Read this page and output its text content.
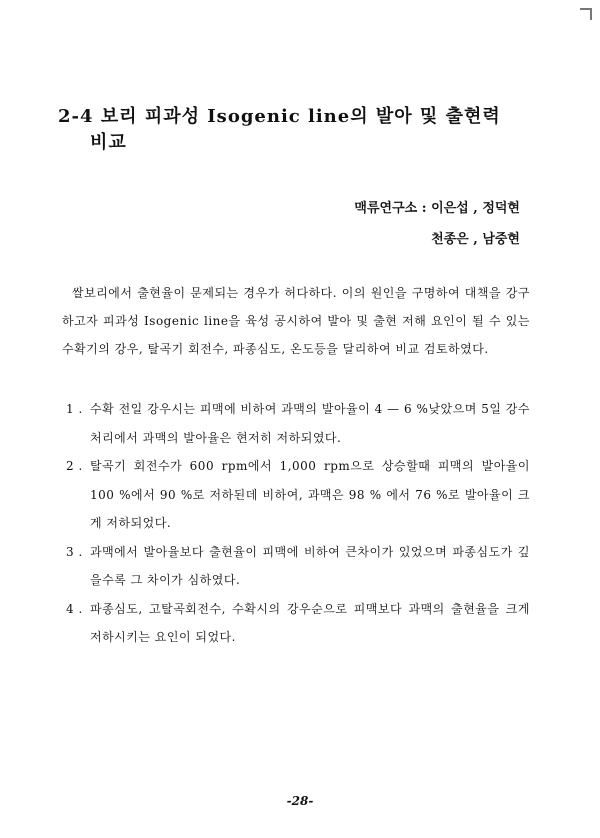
2-4 보리 피과성 Isogenic line의 발아 및 출현력
비교
맥류연구소 : 이은섭 , 정덕현
천종은 , 남중현
쌀보리에서 출현율이 문제되는 경우가 허다하다. 이의 원인을 구명하여 대책을 강구하고자 피과성 Isogenic line을 육성 공시하여 발아 및 출현 저해 요인이 될 수 있는 수확기의 강우, 탈곡기 회전수, 파종심도, 온도등을 달리하여 비교 검토하였다.
1 . 수확 전일 강우시는 피맥에 비하여 과맥의 발아율이 4 — 6 %낮았으며 5일 강수처리에서 과맥의 발아율은 현저히 저하되였다.
2 . 탈곡기 회전수가 600 rpm에서 1,000 rpm으로 상승할때 피맥의 발아율이 100 %에서 90 %로 저하된데 비하여, 과맥은 98 % 에서 76 %로 발아율이 크게 저하되었다.
3 . 과맥에서 발아율보다 출현율이 피맥에 비하여 큰차이가 있었으며 파종심도가 깊을수록 그 차이가 심하였다.
4 . 파종심도, 고탈곡회전수, 수확시의 강우순으로 피맥보다 과맥의 출현율을 크게 저하시키는 요인이 되었다.
-28-
